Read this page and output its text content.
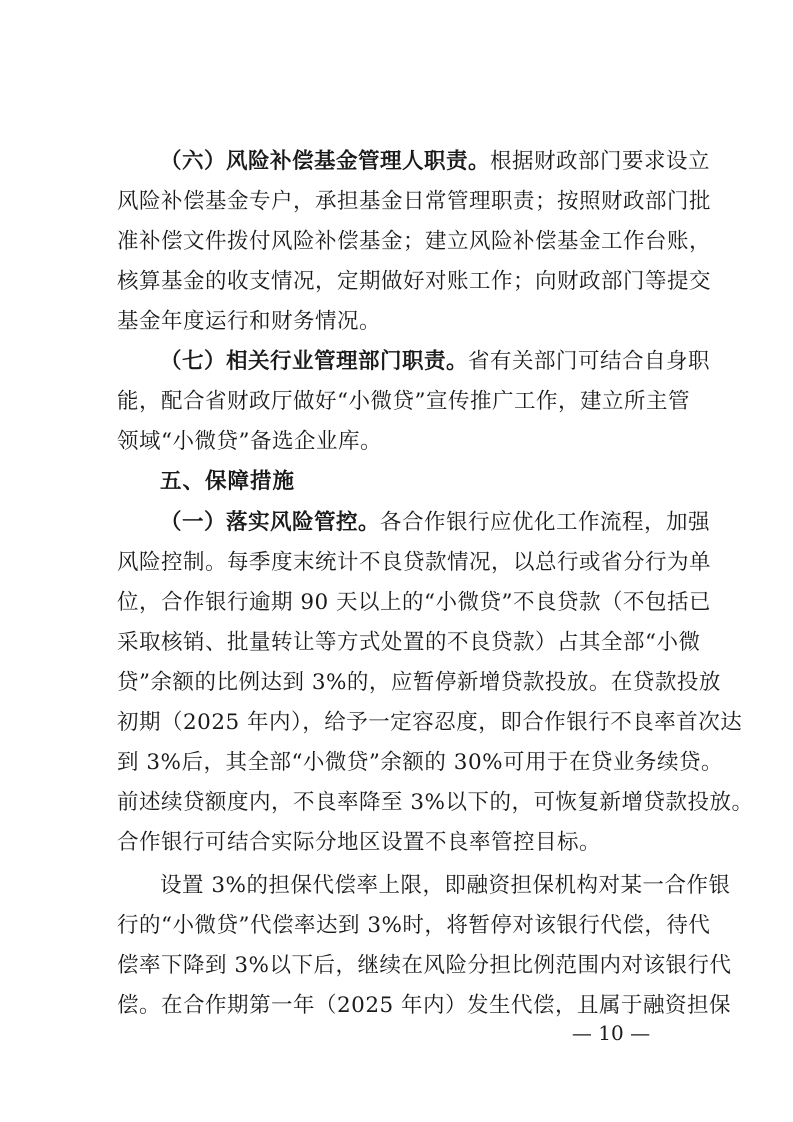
（六）风险补偿基金管理人职责。根据财政部门要求设立
风险补偿基金专户，承担基金日常管理职责；按照财政部门批
准补偿文件拨付风险补偿基金；建立风险补偿基金工作台账，
核算基金的收支情况，定期做好对账工作；向财政部门等提交
基金年度运行和财务情况。
（七）相关行业管理部门职责。省有关部门可结合自身职
能，配合省财政厅做好“小微贷”宣传推广工作，建立所主管
领域“小微贷”备选企业库。
五、保障措施
（一）落实风险管控。各合作银行应优化工作流程，加强
风险控制。每季度末统计不良贷款情况，以总行或省分行为单
位，合作银行逾期 90 天以上的“小微贷”不良贷款（不包括已
采取核销、批量转让等方式处置的不良贷款）占其全部“小微
贷”余额的比例达到 3%的，应暂停新增贷款投放。在贷款投放
初期（2025 年内），给予一定容忍度，即合作银行不良率首次达
到 3%后，其全部“小微贷”余额的 30%可用于在贷业务续贷。
前述续贷额度内，不良率降至 3%以下的，可恢复新增贷款投放。
合作银行可结合实际分地区设置不良率管控目标。
设置 3%的担保代偿率上限，即融资担保机构对某一合作银
行的“小微贷”代偿率达到 3%时，将暂停对该银行代偿，待代
偿率下降到 3%以下后，继续在风险分担比例范围内对该银行代
偿。在合作期第一年（2025 年内）发生代偿，且属于融资担保
— 10 —
